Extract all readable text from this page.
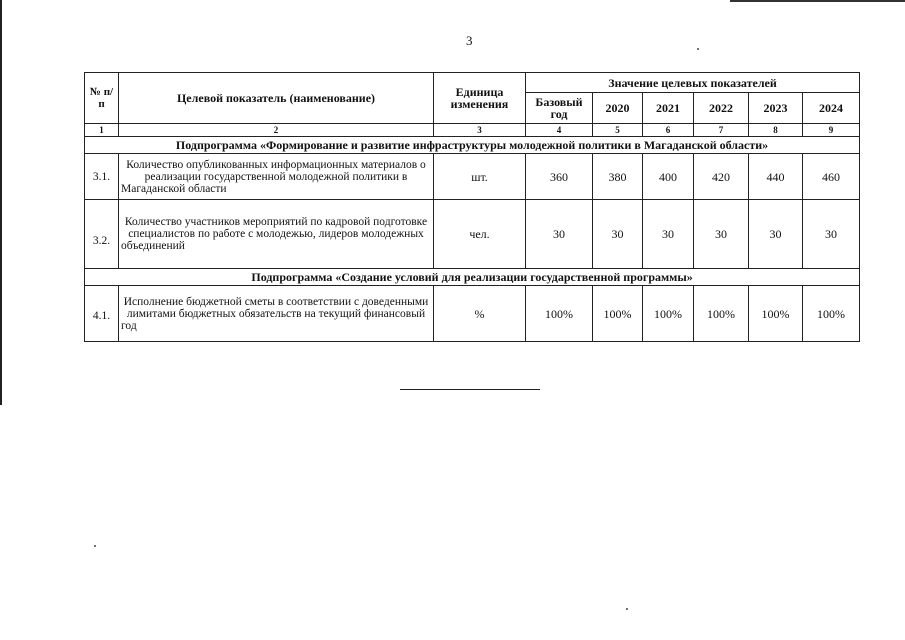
3
№ п/п	Целевой показатель (наименование)	Единица изменения	Значение целевых показателей					
			Базовый год	2020	2021	2022	2023	2024
1	2	3	4	5	6	7	8	9
Подпрограмма «Формирование и развитие инфраструктуры молодежной политики в Магаданской области»								
3.1.	Количество опубликованных информационных материалов о реализации государственной молодежной политики в Магаданской области	шт.	360	380	400	420	440	460
3.2.	Количество участников мероприятий по кадровой подготовке специалистов по работе с молодежью, лидеров молодежных объединений	чел.	30	30	30	30	30	30
Подпрограмма «Создание условий для реализации государственной программы»								
4.1.	Исполнение бюджетной сметы в соответствии с доведенными лимитами бюджетных обязательств на текущий финансовый год	%	100%	100%	100%	100%	100%	100%
